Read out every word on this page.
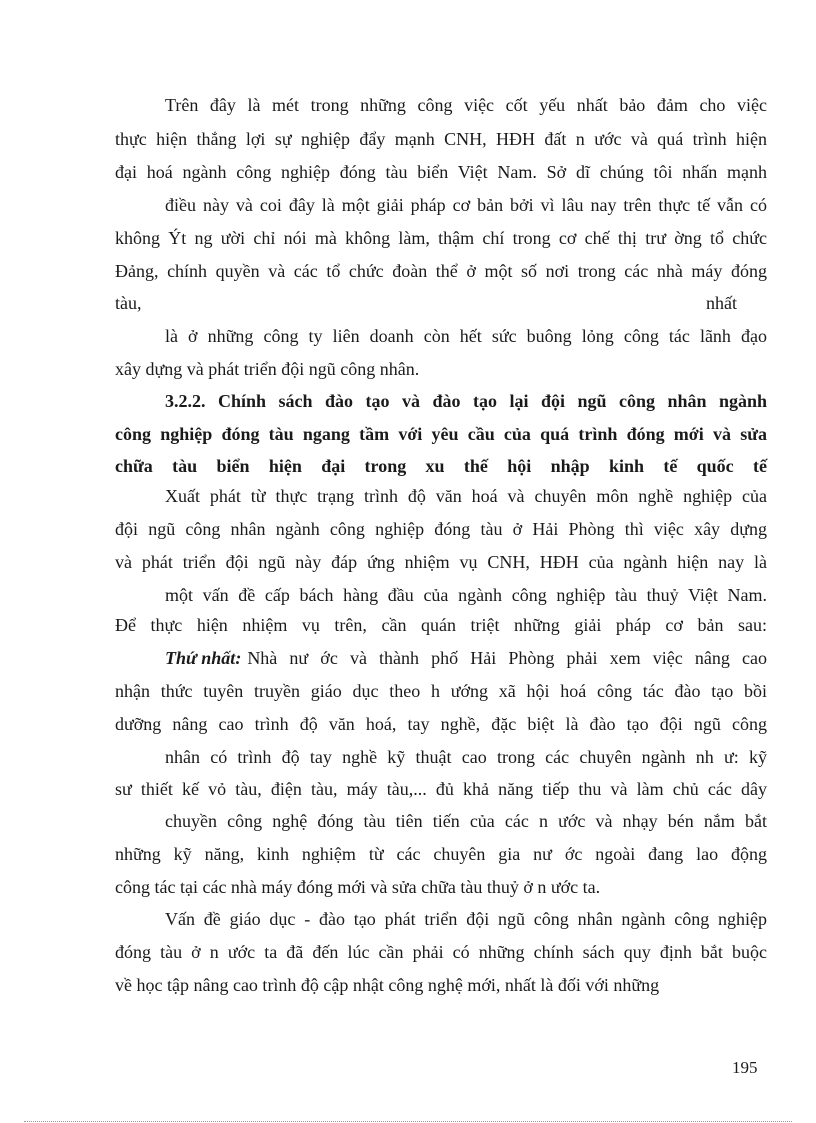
Trên đây là mét trong những công việc cốt yếu nhất bảo đảm cho việc
thực hiện thắng lợi sự nghiệp đẩy mạnh CNH, HĐH đất n ước và quá trình hiện
đại hoá ngành công nghiệp đóng tàu biển Việt Nam. Sở dĩ chúng tôi nhấn mạnh
điều này và coi đây là một giải pháp cơ bản bởi vì lâu nay trên thực tế vẫn có
không Ýt ng ười chỉ nói mà không làm, thậm chí trong cơ chế thị trư ờng tổ chức
Đảng, chính quyền và các tổ chức đoàn thể ở một số nơi trong các nhà máy đóng
tàu,	nhất
là ở những công ty liên doanh còn hết sức buông lỏng công tác lãnh đạo
xây dựng và phát triển đội ngũ công nhân.
3.2.2. Chính sách đào tạo và đào tạo lại đội ngũ công nhân ngành
công nghiệp đóng tàu ngang tầm với yêu cầu của quá trình đóng mới và sửa
chữa tàu biển hiện đại trong xu thế hội nhập kinh tế quốc tế
Xuất phát từ thực trạng trình độ văn hoá và chuyên môn nghề nghiệp của
đội ngũ công nhân ngành công nghiệp đóng tàu ở Hải Phòng thì việc xây dựng
và phát triển đội ngũ này đáp ứng nhiệm vụ CNH, HĐH của ngành hiện nay là
một vấn đề cấp bách hàng đầu của ngành công nghiệp tàu thuỷ Việt Nam.
Để thực hiện nhiệm vụ trên, cần quán triệt những giải pháp cơ bản sau:
Thứ nhất: Nhà nư ớc và thành phố Hải Phòng phải xem việc nâng cao
nhận thức tuyên truyền giáo dục theo h ướng xã hội hoá công tác đào tạo bồi
dưỡng nâng cao trình độ văn hoá, tay nghề, đặc biệt là đào tạo đội ngũ công
nhân có trình độ tay nghề kỹ thuật cao trong các chuyên ngành nh ư: kỹ
sư thiết kế vỏ tàu, điện tàu, máy tàu,... đủ khả năng tiếp thu và làm chủ các dây
chuyền công nghệ đóng tàu tiên tiến của các n ước và nhạy bén nắm bắt
những kỹ năng, kinh nghiệm từ các chuyên gia nư ớc ngoài đang lao động
công tác tại các nhà máy đóng mới và sửa chữa tàu thuỷ ở n ước ta.
Vấn đề giáo dục - đào tạo phát triển đội ngũ công nhân ngành công nghiệp
đóng tàu ở n ước ta đã đến lúc cần phải có những chính sách quy định bắt buộc
về học tập nâng cao trình độ cập nhật công nghệ mới, nhất là đối với những
195
